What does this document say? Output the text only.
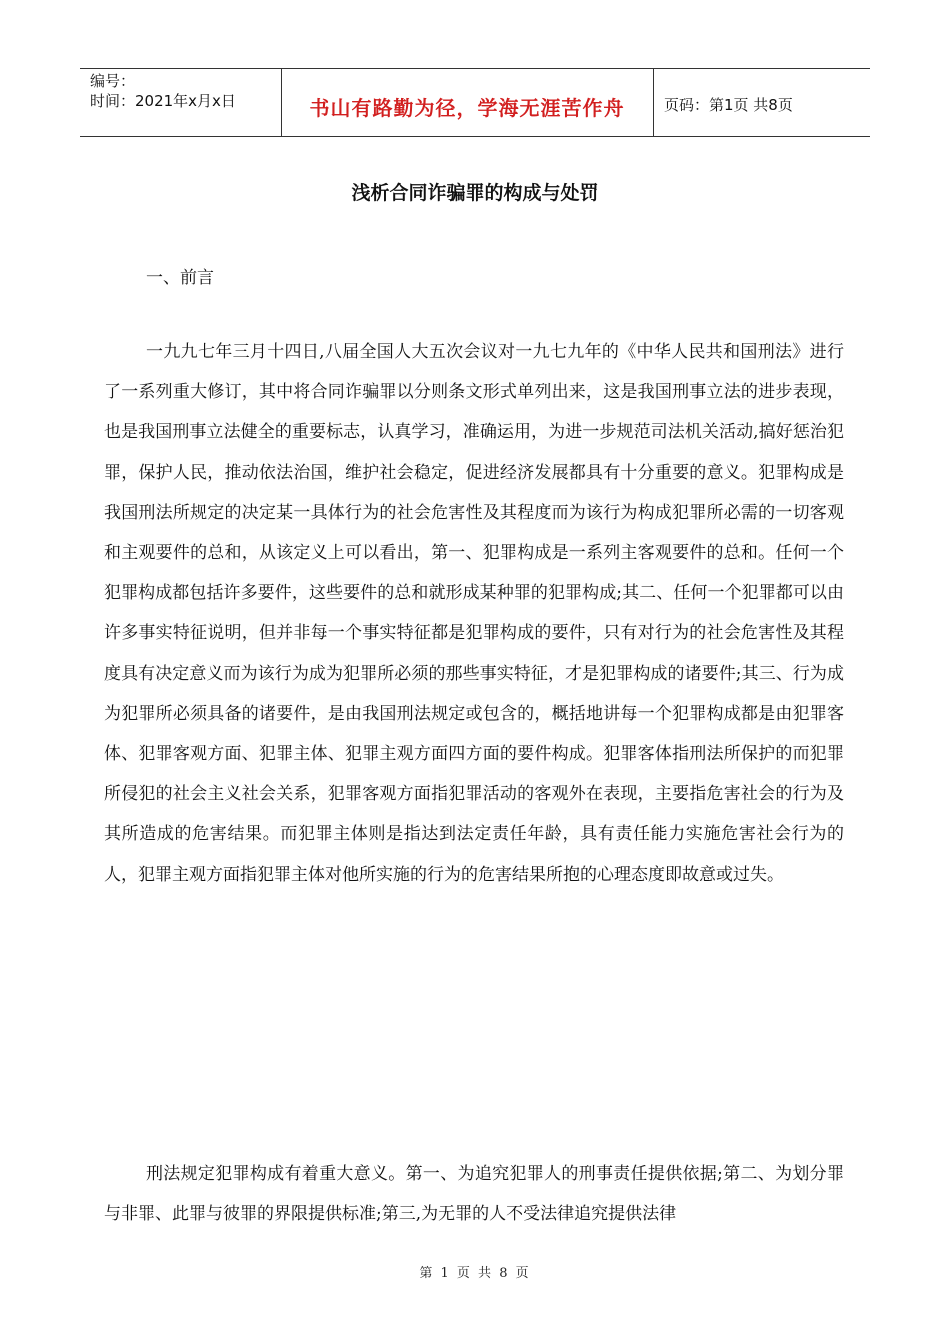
编号：
时间：2021年x月x日	书山有路勤为径，学海无涯苦作舟	页码：第1页 共8页
浅析合同诈骗罪的构成与处罚
一、前言
一九九七年三月十四日,八届全国人大五次会议对一九七九年的《中华人民共和国刑法》进行了一系列重大修订，其中将合同诈骗罪以分则条文形式单列出来，这是我国刑事立法的进步表现，也是我国刑事立法健全的重要标志，认真学习，准确运用，为进一步规范司法机关活动,搞好惩治犯罪，保护人民，推动依法治国，维护社会稳定，促进经济发展都具有十分重要的意义。犯罪构成是我国刑法所规定的决定某一具体行为的社会危害性及其程度而为该行为构成犯罪所必需的一切客观和主观要件的总和，从该定义上可以看出，第一、犯罪构成是一系列主客观要件的总和。任何一个犯罪构成都包括许多要件，这些要件的总和就形成某种罪的犯罪构成;其二、任何一个犯罪都可以由许多事实特征说明，但并非每一个事实特征都是犯罪构成的要件，只有对行为的社会危害性及其程度具有决定意义而为该行为成为犯罪所必须的那些事实特征，才是犯罪构成的诸要件;其三、行为成为犯罪所必须具备的诸要件，是由我国刑法规定或包含的，概括地讲每一个犯罪构成都是由犯罪客体、犯罪客观方面、犯罪主体、犯罪主观方面四方面的要件构成。犯罪客体指刑法所保护的而犯罪所侵犯的社会主义社会关系，犯罪客观方面指犯罪活动的客观外在表现，主要指危害社会的行为及其所造成的危害结果。而犯罪主体则是指达到法定责任年龄，具有责任能力实施危害社会行为的人，犯罪主观方面指犯罪主体对他所实施的行为的危害结果所抱的心理态度即故意或过失。
刑法规定犯罪构成有着重大意义。第一、为追究犯罪人的刑事责任提供依据;第二、为划分罪与非罪、此罪与彼罪的界限提供标准;第三,为无罪的人不受法律追究提供法律
第 1 页 共 8 页
